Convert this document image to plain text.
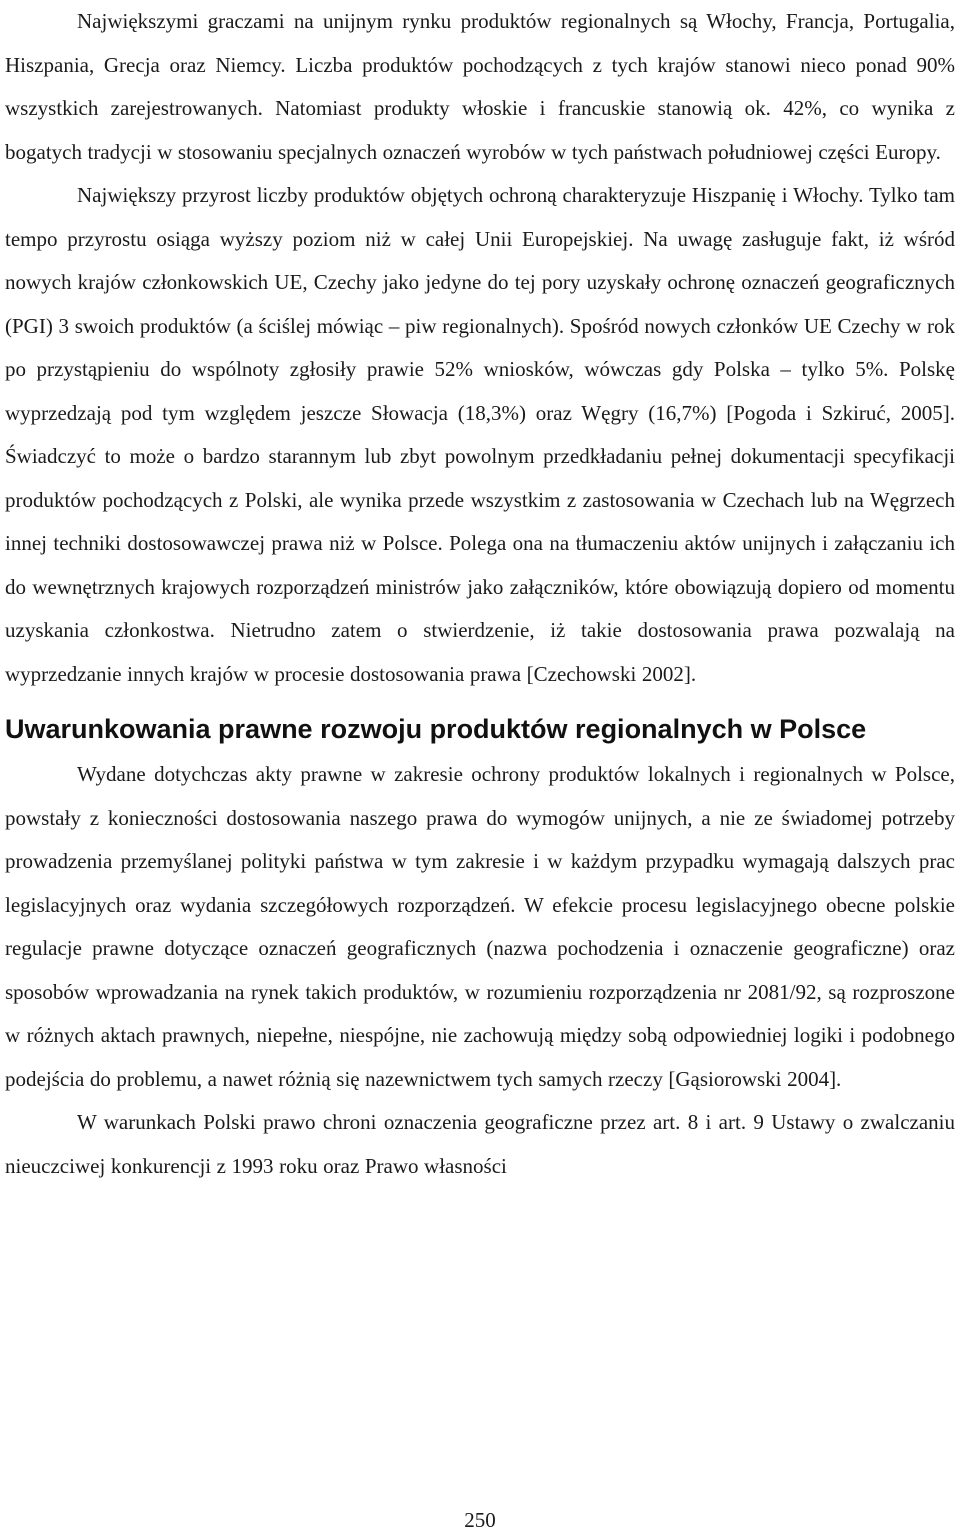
Największymi graczami na unijnym rynku produktów regionalnych są Włochy, Francja, Portugalia, Hiszpania, Grecja oraz Niemcy. Liczba produktów pochodzących z tych krajów stanowi nieco ponad 90% wszystkich zarejestrowanych. Natomiast produkty włoskie i francuskie stanowią ok. 42%, co wynika z bogatych tradycji w stosowaniu specjalnych oznaczeń wyrobów w tych państwach południowej części Europy.

Największy przyrost liczby produktów objętych ochroną charakteryzuje Hiszpanię i Włochy. Tylko tam tempo przyrostu osiąga wyższy poziom niż w całej Unii Europejskiej. Na uwagę zasługuje fakt, iż wśród nowych krajów członkowskich UE, Czechy jako jedyne do tej pory uzyskały ochronę oznaczeń geograficznych (PGI) 3 swoich produktów (a ściślej mówiąc – piw regionalnych). Spośród nowych członków UE Czechy w rok po przystąpieniu do wspólnoty zgłosiły prawie 52% wniosków, wówczas gdy Polska – tylko 5%. Polskę wyprzedzają pod tym względem jeszcze Słowacja (18,3%) oraz Węgry (16,7%) [Pogoda i Szkiruć, 2005]. Świadczyć to może o bardzo starannym lub zbyt powolnym przedkładaniu pełnej dokumentacji specyfikacji produktów pochodzących z Polski, ale wynika przede wszystkim z zastosowania w Czechach lub na Węgrzech innej techniki dostosowawczej prawa niż w Polsce. Polega ona na tłumaczeniu aktów unijnych i załączaniu ich do wewnętrznych krajowych rozporządzeń ministrów jako załączników, które obowiązują dopiero od momentu uzyskania członkostwa. Nietrudno zatem o stwierdzenie, iż takie dostosowania prawa pozwalają na wyprzedzanie innych krajów w procesie dostosowania prawa [Czechowski 2002].

Uwarunkowania prawne rozwoju produktów regionalnych w Polsce

Wydane dotychczas akty prawne w zakresie ochrony produktów lokalnych i regionalnych w Polsce, powstały z konieczności dostosowania naszego prawa do wymogów unijnych, a nie ze świadomej potrzeby prowadzenia przemyślanej polityki państwa w tym zakresie i w każdym przypadku wymagają dalszych prac legislacyjnych oraz wydania szczegółowych rozporządzeń. W efekcie procesu legislacyjnego obecne polskie regulacje prawne dotyczące oznaczeń geograficznych (nazwa pochodzenia i oznaczenie geograficzne) oraz sposobów wprowadzania na rynek takich produktów, w rozumieniu rozporządzenia nr 2081/92, są rozproszone w różnych aktach prawnych, niepełne, niespójne, nie zachowują między sobą odpowiedniej logiki i podobnego podejścia do problemu, a nawet różnią się nazewnictwem tych samych rzeczy [Gąsiorowski 2004].

W warunkach Polski prawo chroni oznaczenia geograficzne przez art. 8 i art. 9 Ustawy o zwalczaniu nieuczciwej konkurencji z 1993 roku oraz Prawo własności

250
